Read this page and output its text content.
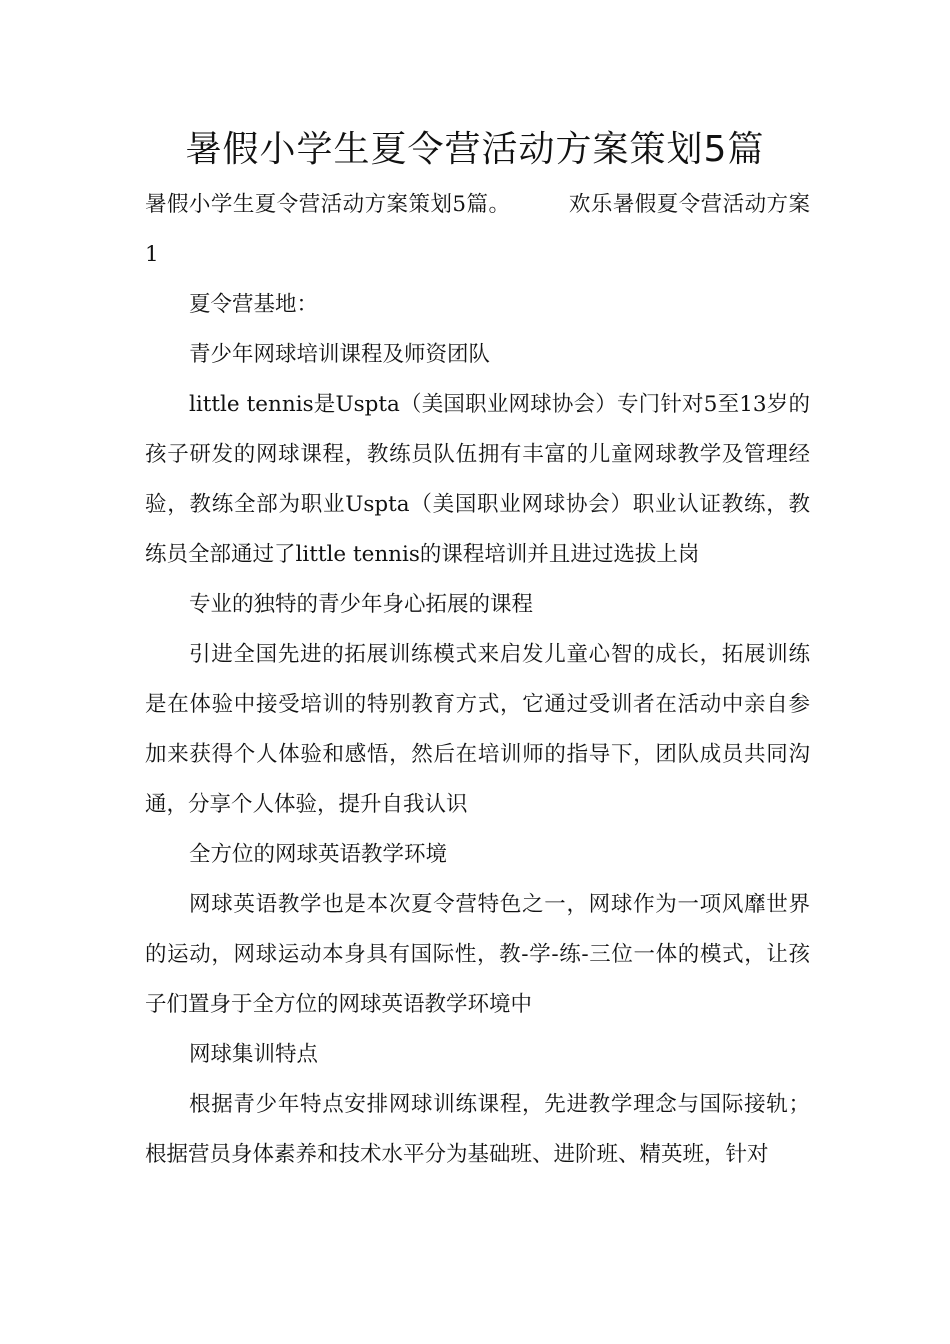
暑假小学生夏令营活动方案策划5篇

暑假小学生夏令营活动方案策划5篇。	欢乐暑假夏令营活动方案1

夏令营基地：

青少年网球培训课程及师资团队

little tennis是Uspta（美国职业网球协会）专门针对5至13岁的孩子研发的网球课程，教练员队伍拥有丰富的儿童网球教学及管理经验，教练全部为职业Uspta（美国职业网球协会）职业认证教练，教练员全部通过了little tennis的课程培训并且进过选拔上岗

专业的独特的青少年身心拓展的课程

引进全国先进的拓展训练模式来启发儿童心智的成长，拓展训练是在体验中接受培训的特别教育方式，它通过受训者在活动中亲自参加来获得个人体验和感悟，然后在培训师的指导下，团队成员共同沟通，分享个人体验，提升自我认识

全方位的网球英语教学环境

网球英语教学也是本次夏令营特色之一，网球作为一项风靡世界的运动，网球运动本身具有国际性，教-学-练-三位一体的模式，让孩子们置身于全方位的网球英语教学环境中

网球集训特点

根据青少年特点安排网球训练课程，先进教学理念与国际接轨；根据营员身体素养和技术水平分为基础班、进阶班、精英班，针对
